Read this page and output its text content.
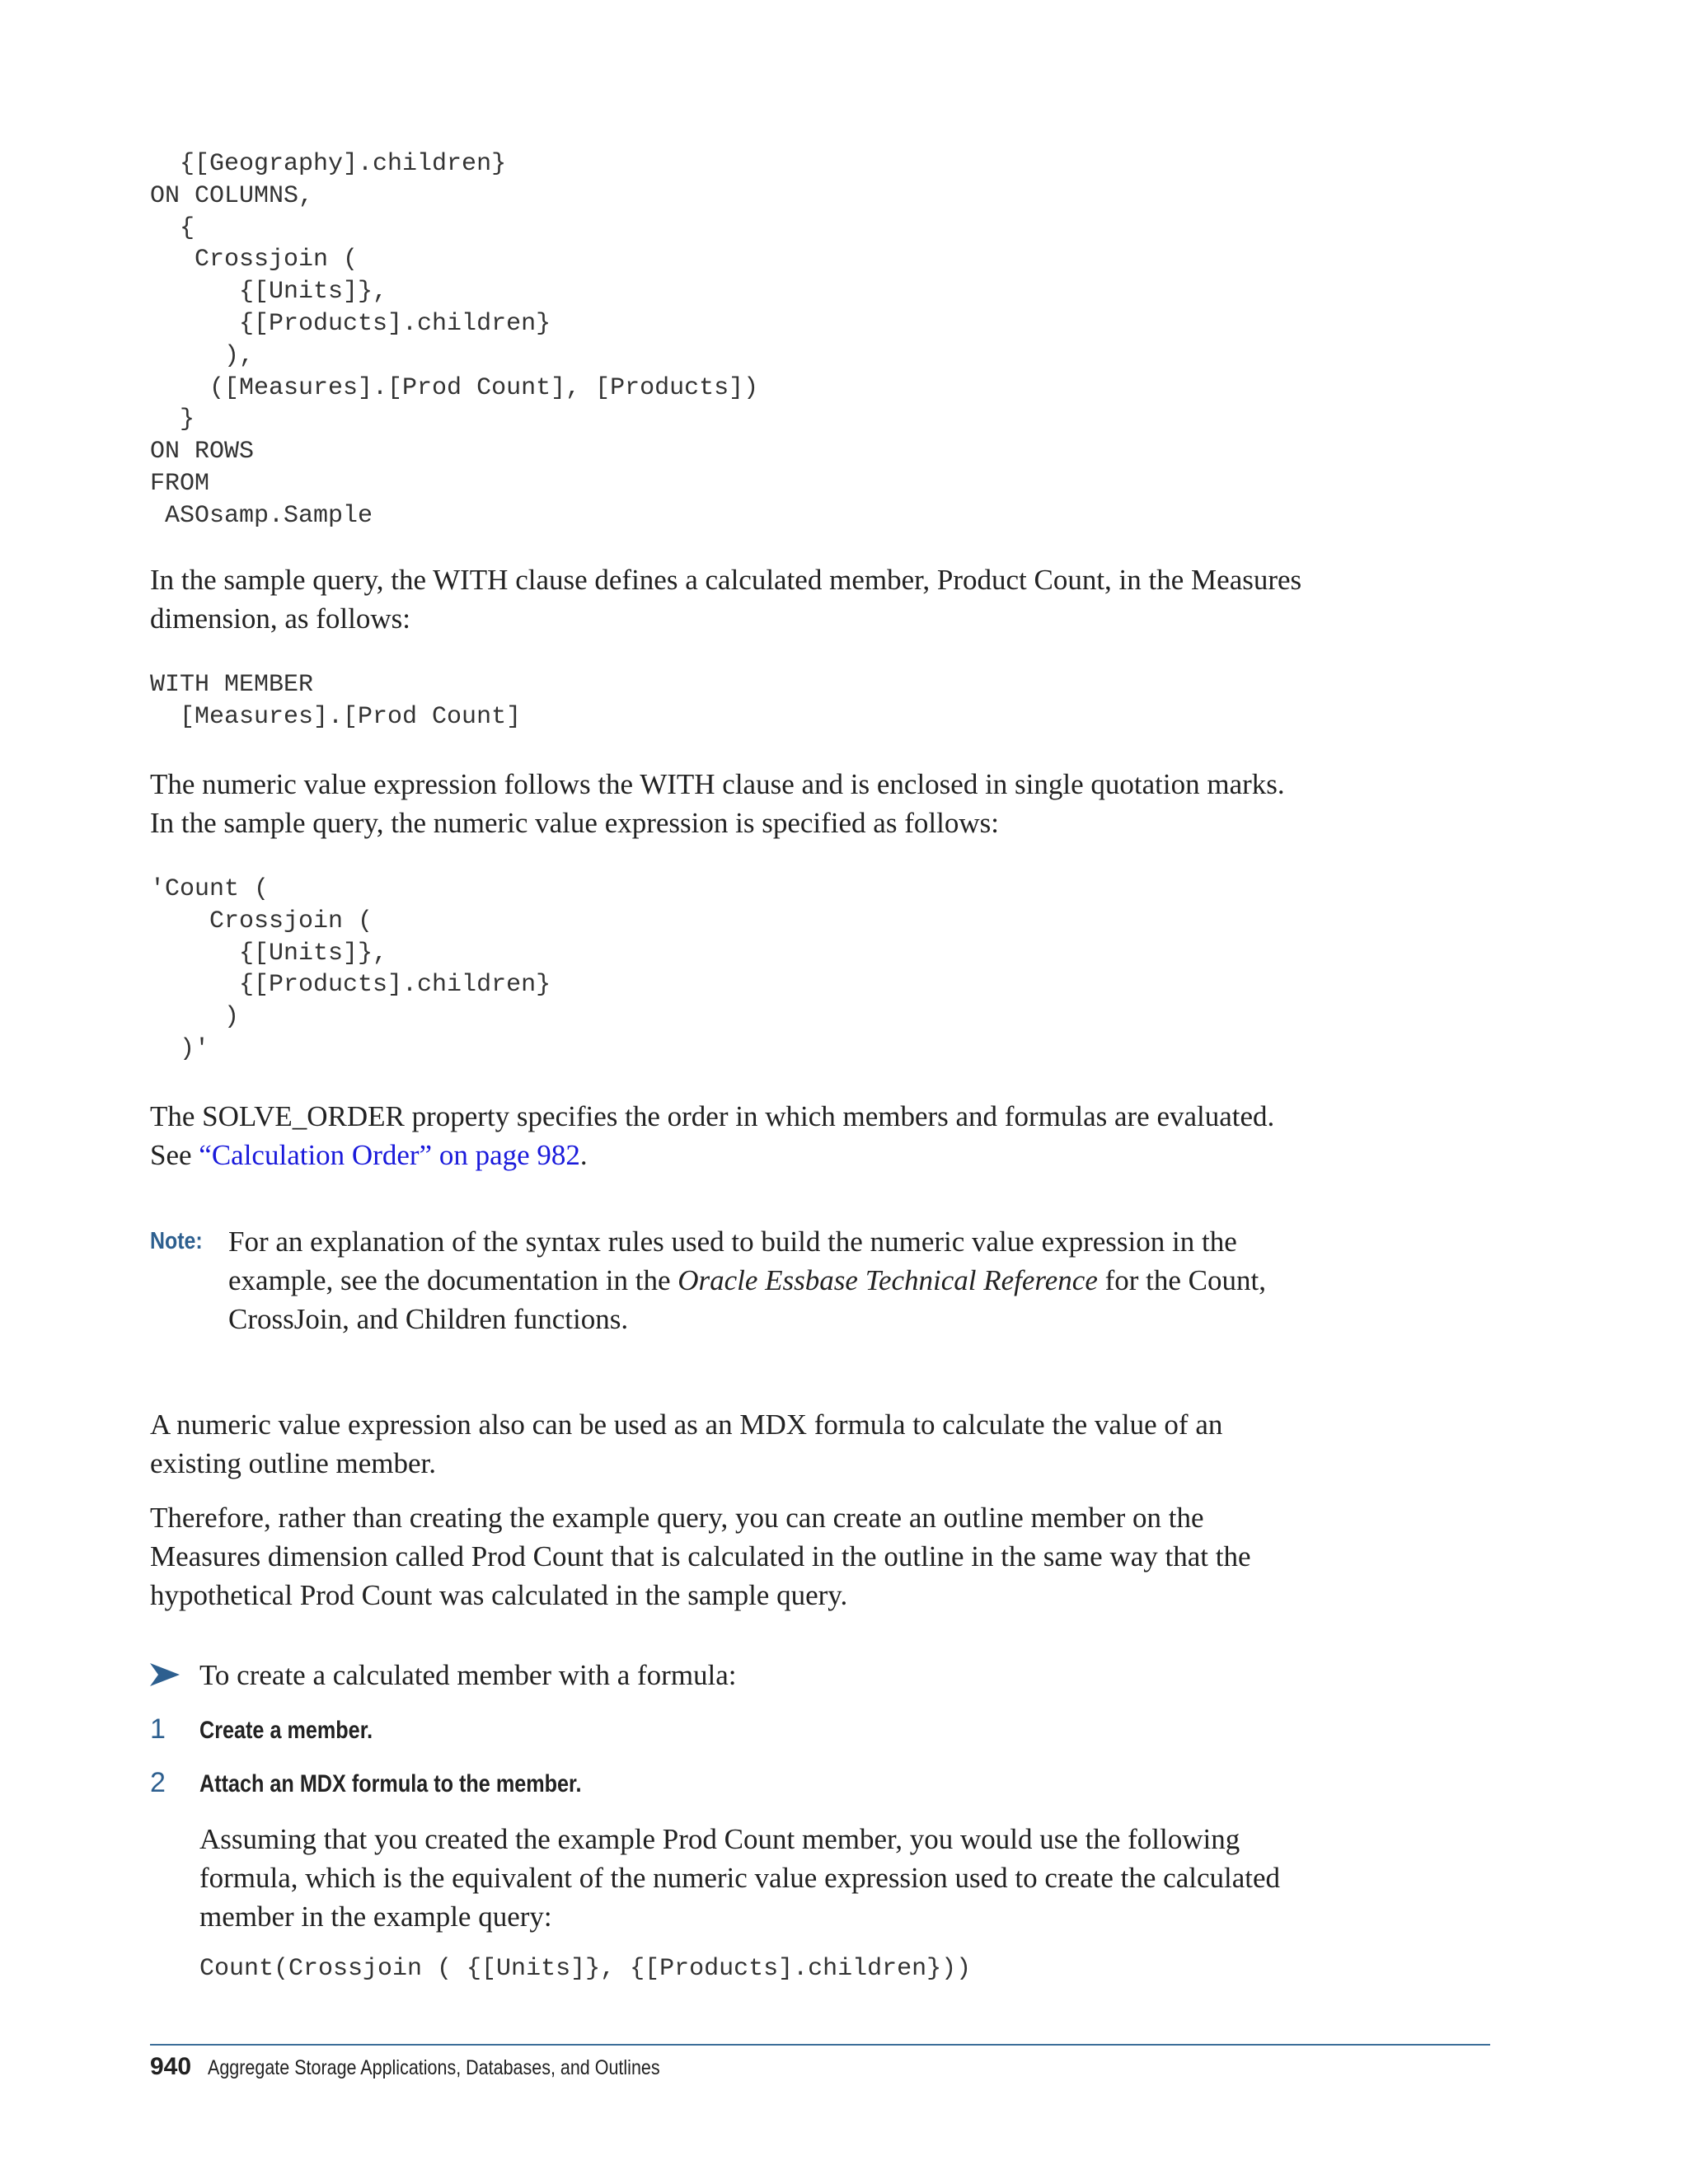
{[Geography].children}
ON COLUMNS,
{
Crossjoin (
{[Units]},
{[Products].children}
),
([Measures].[Prod Count], [Products])
}
ON ROWS
FROM
ASOsamp.Sample

In the sample query, the WITH clause defines a calculated member, Product Count, in the Measures dimension, as follows:

WITH MEMBER
[Measures].[Prod Count]

The numeric value expression follows the WITH clause and is enclosed in single quotation marks. In the sample query, the numeric value expression is specified as follows:

'Count (
Crossjoin (
{[Units]},
{[Products].children}
)
)'

The SOLVE_ORDER property specifies the order in which members and formulas are evaluated. See “Calculation Order” on page 982.

Note: For an explanation of the syntax rules used to build the numeric value expression in the example, see the documentation in the Oracle Essbase Technical Reference for the Count, CrossJoin, and Children functions.

A numeric value expression also can be used as an MDX formula to calculate the value of an existing outline member.

Therefore, rather than creating the example query, you can create an outline member on the Measures dimension called Prod Count that is calculated in the outline in the same way that the hypothetical Prod Count was calculated in the sample query.

To create a calculated member with a formula:

1 Create a member.
2 Attach an MDX formula to the member.

Assuming that you created the example Prod Count member, you would use the following formula, which is the equivalent of the numeric value expression used to create the calculated member in the example query:

Count(Crossjoin ( {[Units]}, {[Products].children}))
940 Aggregate Storage Applications, Databases, and Outlines
